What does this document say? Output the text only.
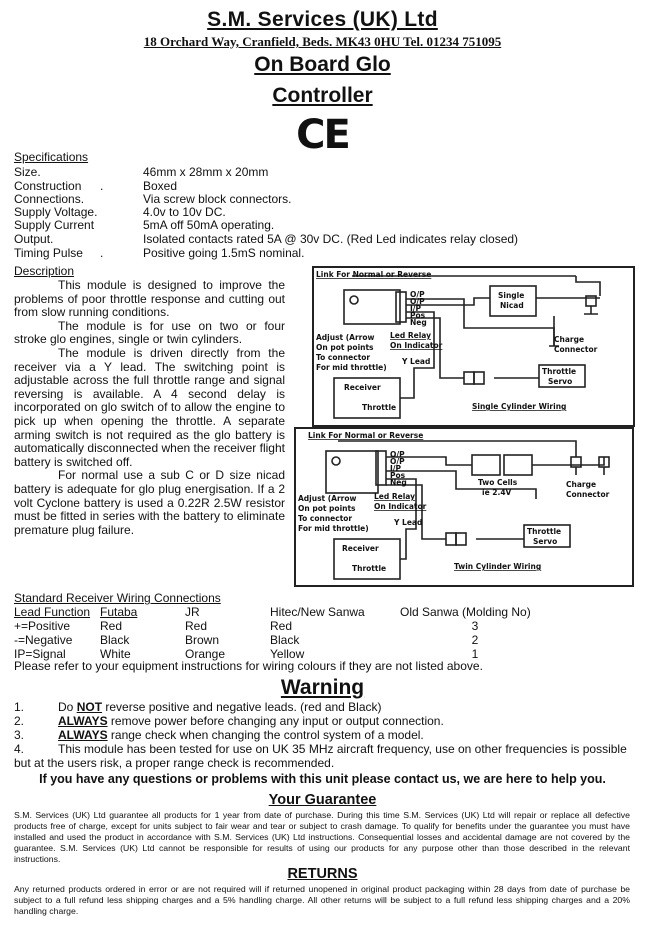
S.M. Services (UK) Ltd
18 Orchard Way, Cranfield, Beds. MK43 0HU Tel. 01234 751095
On Board Glo
Controller
CE
Specifications
Size.	46mm x 28mm x 20mm
Construction	.	Boxed
Connections.	Via screw block connectors.
Supply Voltage.	4.0v to 10v DC.
Supply Current	5mA off 50mA operating.
Output.	Isolated contacts rated 5A @ 30v DC. (Red Led indicates relay closed)
Timing Pulse	.	Positive going 1.5mS nominal.
Description

This module is designed to improve the problems of poor throttle response and cutting out from slow running conditions.

The module is for use on two or four stroke glo engines, single or twin cylinders.

The module is driven directly from the receiver via a Y lead. The switching point is adjustable across the full throttle range and signal reversing is available. A 4 second delay is incorporated on glo switch of to allow the engine to pick up when opening the throttle. A separate arming switch is not required as the glo battery is automatically disconnected when the receiver flight battery is switched off.

For normal use a sub C or D size nicad battery is adequate for glo plug energisation. If a 2 volt Cyclone battery is used a 0.22R 2.5W resistor must be fitted in series with the battery to eliminate premature plug failure.

Link For Normal or Reverse
O/P
O/P
I/P
Pos
Neg
Single
Nicad
Charge
Connector
Adjust (Arrow
On pot points
To connector
For mid throttle)
Led Relay
On Indicator
Y Lead
Receiver
Throttle
Throttle
Servo
Single Cylinder Wiring
Link For Normal or Reverse
O/P
O/P
I/P
Pos
Neg	Two Cells
ie 2.4V
Charge
Connector
Adjust (Arrow
On pot points
To connector
For mid throttle)
Led Relay
On Indicator
Y Lead
Receiver
Throttle
Throttle
Servo
Twin Cylinder Wiring
Standard Receiver Wiring Connections
Lead Function	Futaba	JR	Hitec/New Sanwa	Old Sanwa (Molding No)
+=Positive	Red	Red	Red	3
-=Negative	Black	Brown	Black	2
IP=Signal	White	Orange	Yellow	1
Please refer to your equipment instructions for wiring colours if they are not listed above.
Warning
1.	Do NOT reverse positive and negative leads. (red and Black)
2.	ALWAYS remove power before changing any input or output connection.
3.	ALWAYS range check when changing the control system of a model.
4.	This module has been tested for use on UK 35 MHz aircraft frequency, use on other frequencies is possible
but at the users risk, a proper range check is recommended.
If you have any questions or problems with this unit please contact us, we are here to help you.
Your Guarantee
S.M. Services (UK) Ltd guarantee all products for 1 year from date of purchase. During this time S.M. Services (UK) Ltd will repair or replace all defective products free of charge, except for units subject to fair wear and tear or subject to crash damage. To qualify for benefits under the guarantee you must have installed and used the product in accordance with S.M. Services (UK) Ltd instructions. Consequential losses and accidental damage are not covered by the guarantee. S.M. Services (UK) Ltd cannot be responsible for results of using our products for any purpose other than those described in the relevant instructions.
RETURNS
Any returned products ordered in error or are not required will if returned unopened in original product packaging within 28 days from date of purchase be subject to a full refund less shipping charges and a 5% handling charge. All other returns will be subject to a full refund less shipping charges and a 20% handling charge.
